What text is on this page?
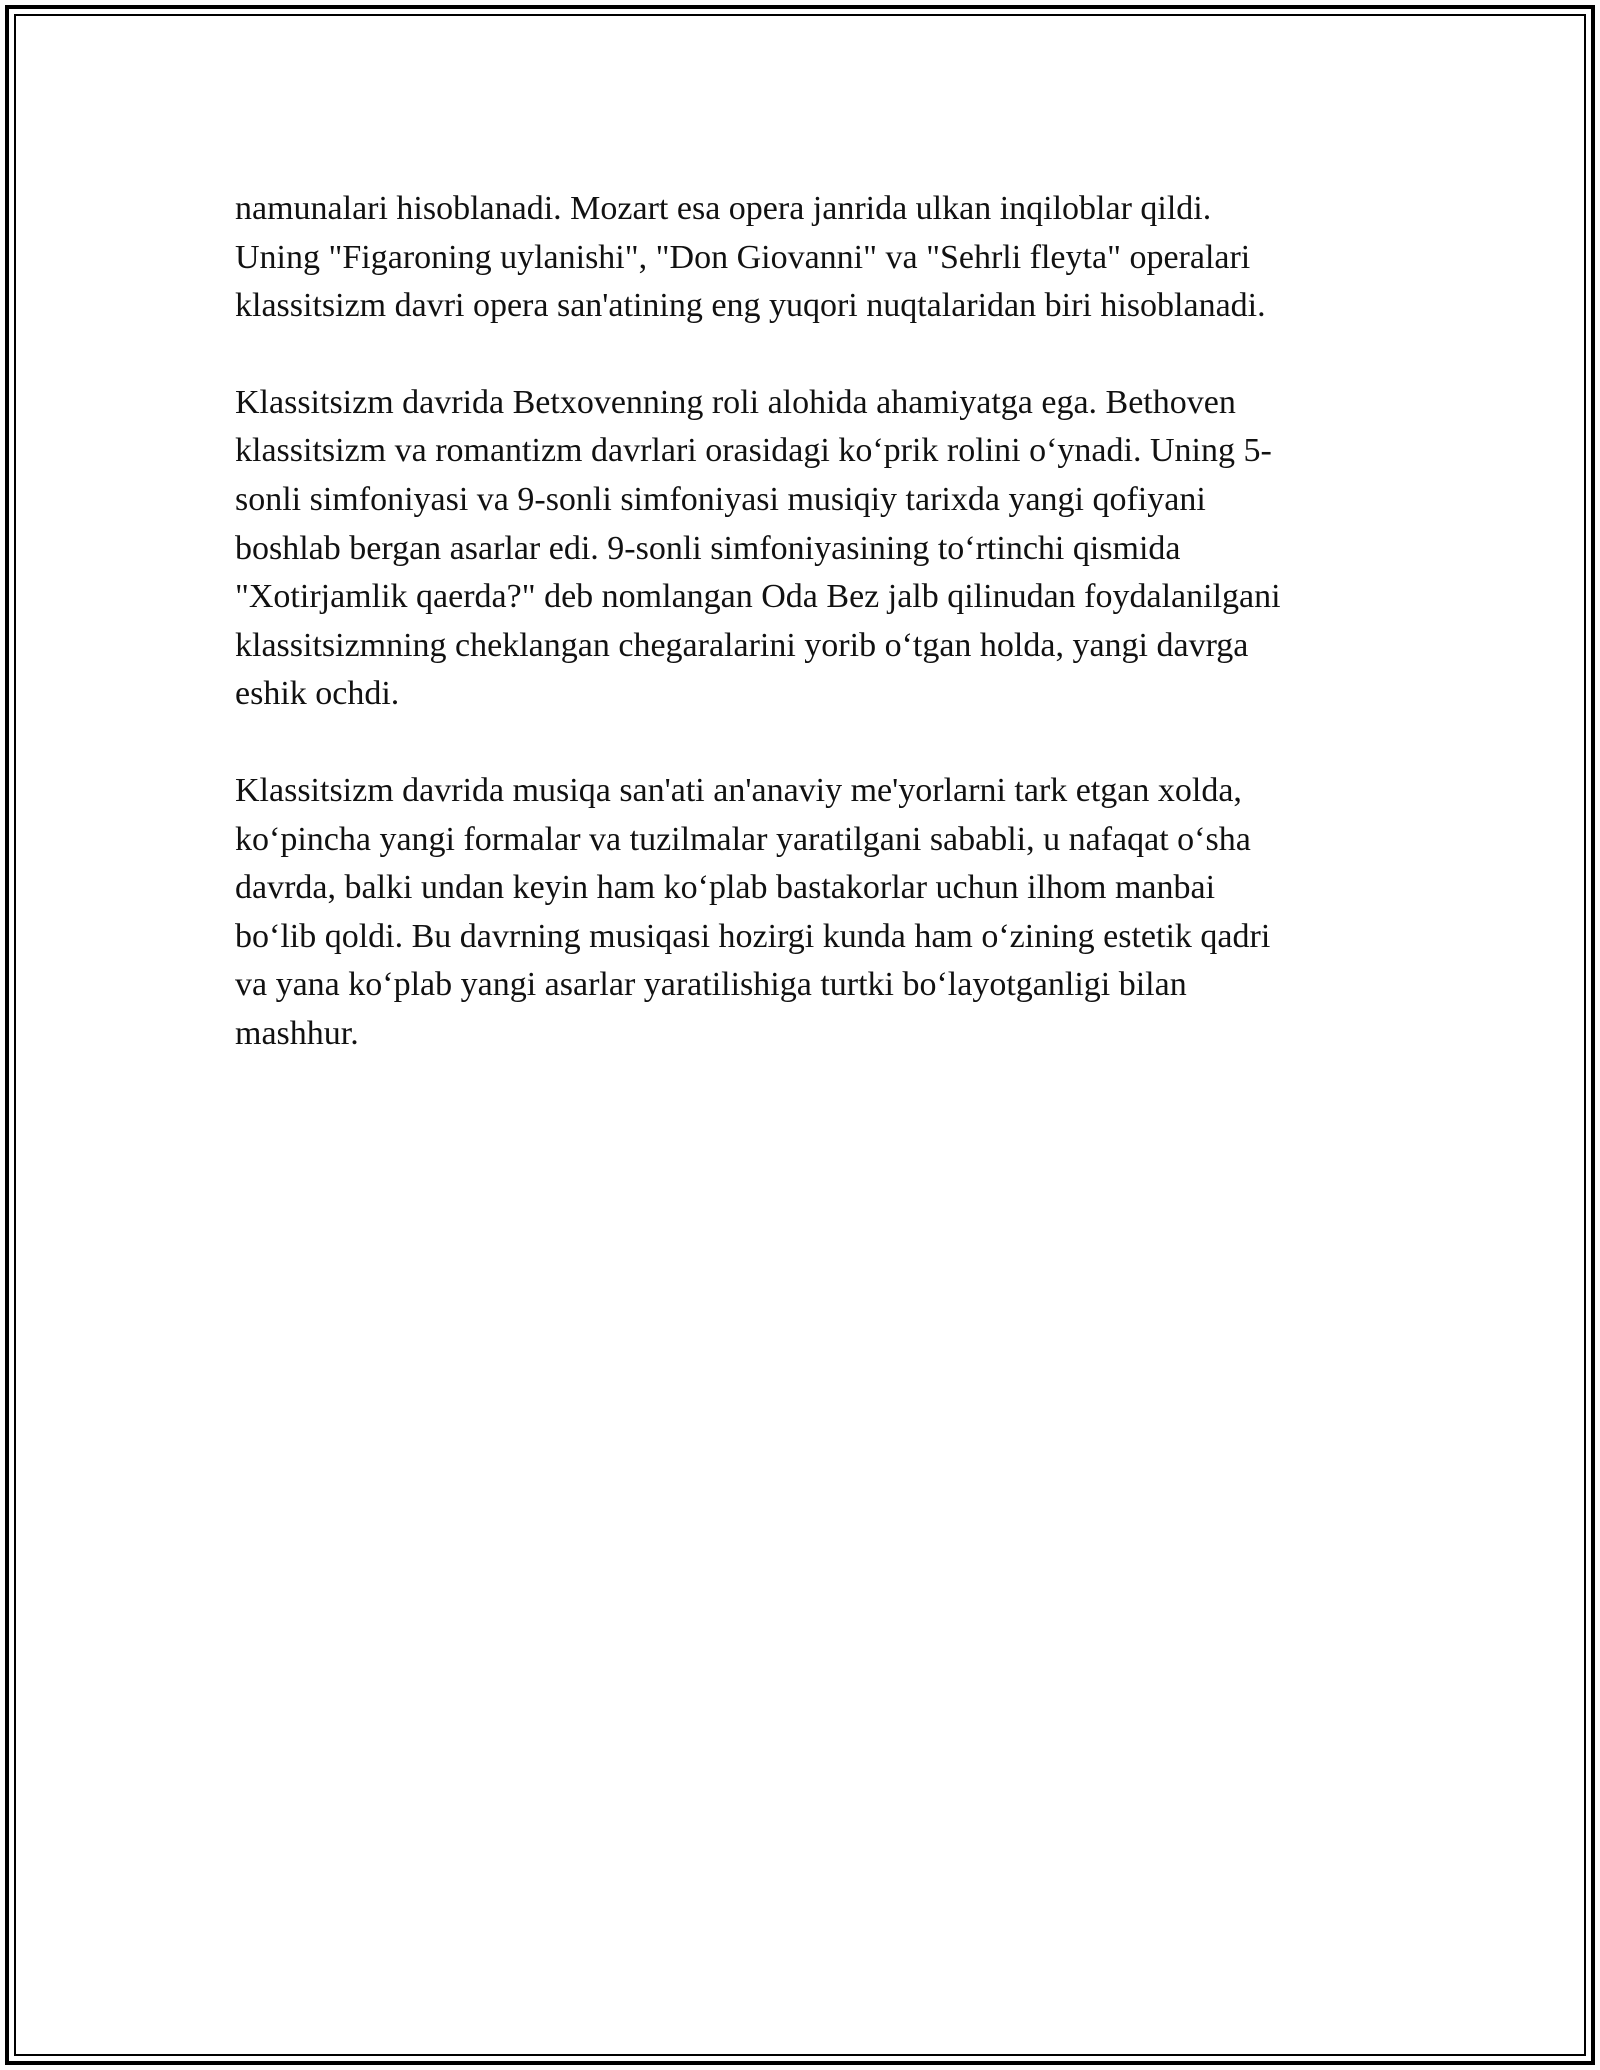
namunalari hisoblanadi. Mozart esa opera janrida ulkan inqiloblar qildi.
Uning "Figaroning uylanishi", "Don Giovanni" va "Sehrli fleyta" operalari
klassitsizm davri opera san'atining eng yuqori nuqtalaridan biri hisoblanadi.

Klassitsizm davrida Betxovenning roli alohida ahamiyatga ega. Bethoven
klassitsizm va romantizm davrlari orasidagi ko‘prik rolini o‘ynadi. Uning 5-
sonli simfoniyasi va 9-sonli simfoniyasi musiqiy tarixda yangi qofiyani
boshlab bergan asarlar edi. 9-sonli simfoniyasining to‘rtinchi qismida
"Xotirjamlik qaerda?" deb nomlangan Oda Bez jalb qilinudan foydalanilgani
klassitsizmning cheklangan chegaralarini yorib o‘tgan holda, yangi davrga
eshik ochdi.

Klassitsizm davrida musiqa san'ati an'anaviy me'yorlarni tark etgan xolda,
ko‘pincha yangi formalar va tuzilmalar yaratilgani sababli, u nafaqat o‘sha
davrda, balki undan keyin ham ko‘plab bastakorlar uchun ilhom manbai
bo‘lib qoldi. Bu davrning musiqasi hozirgi kunda ham o‘zining estetik qadri
va yana ko‘plab yangi asarlar yaratilishiga turtki bo‘layotganligi bilan
mashhur.
